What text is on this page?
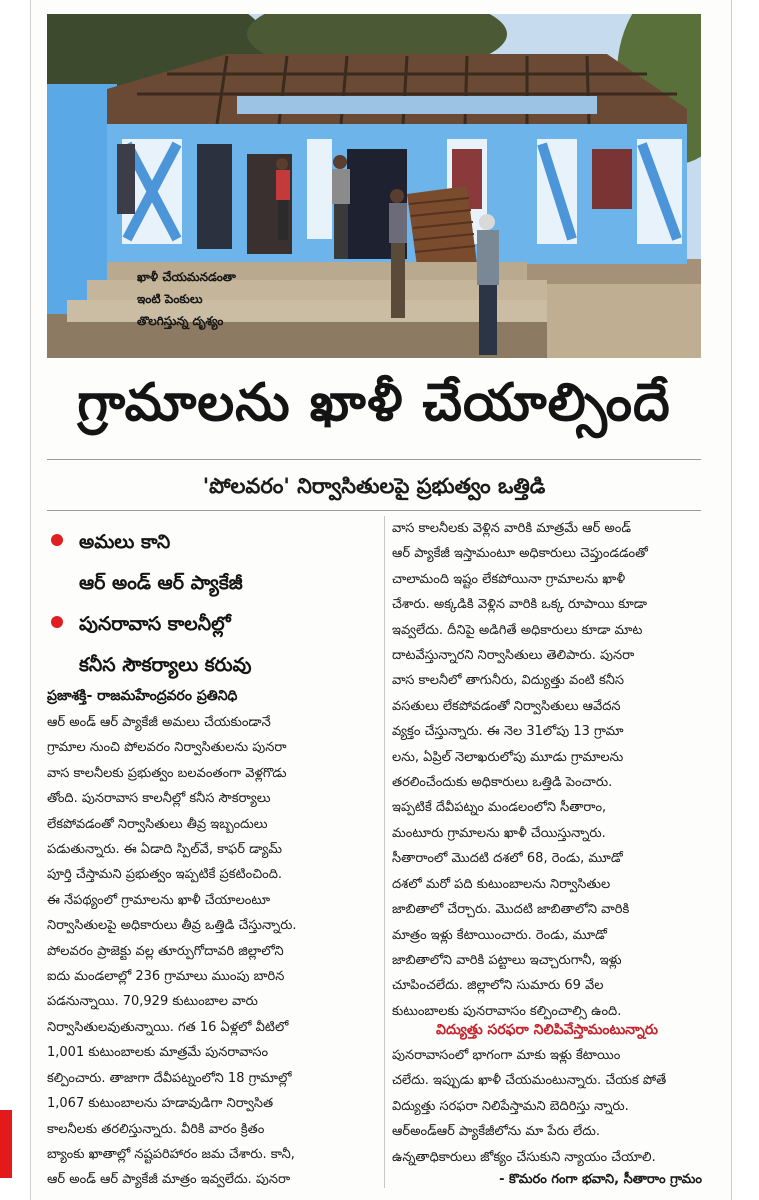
ఖాళీ చేయమనడంతా
ఇంటి పెంకులు
తొలగిస్తున్న దృశ్యం
గ్రామాలను ఖాళీ చేయాల్సిందే
'పోలవరం' నిర్వాసితులపై ప్రభుత్వం ఒత్తిడి
అమలు కాని
ఆర్ అండ్ ఆర్ ప్యాకేజీ
పునరావాస కాలనీల్లో
కనీస సౌకర్యాలు కరువు
ప్రజాశక్తి- రాజమహేంద్రవరం ప్రతినిధి
ఆర్ అండ్ ఆర్ ప్యాకేజీ అమలు చేయకుండానే
గ్రామాల నుంచి పోలవరం నిర్వాసితులను పునరా
వాస కాలనీలకు ప్రభుత్వం బలవంతంగా వెళ్లగొడు
తోంది. పునరావాస కాలనీల్లో కనీస సౌకర్యాలు
లేకపోవడంతో నిర్వాసితులు తీవ్ర ఇబ్బందులు
పడుతున్నారు. ఈ ఏడాది స్పిల్‌వే, కాఫర్ డ్యామ్
పూర్తి చేస్తామని ప్రభుత్వం ఇప్పటికే ప్రకటించింది.
ఈ నేపథ్యంలో గ్రామాలను ఖాళీ చేయాలంటూ
నిర్వాసితులపై అధికారులు తీవ్ర ఒత్తిడి చేస్తున్నారు.
పోలవరం ప్రాజెక్టు వల్ల తూర్పుగోదావరి జిల్లాలోని
ఐదు మండలాల్లో 236 గ్రామాలు ముంపు బారిన
పడనున్నాయి. 70,929 కుటుంబాల వారు
నిర్వాసితులవుతున్నాయి. గత 16 ఏళ్లలో వీటిలో
1,001 కుటుంబాలకు మాత్రమే పునరావాసం
కల్పించారు. తాజాగా దేవీపట్నంలోని 18 గ్రామాల్లో
1,067 కుటుంబాలను హడావుడిగా నిర్వాసిత
కాలనీలకు తరలిస్తున్నారు. వీరికి వారం క్రితం
బ్యాంకు ఖాతాల్లో నష్టపరిహారం జమ చేశారు. కానీ,
ఆర్ అండ్ ఆర్ ప్యాకేజీ మాత్రం ఇవ్వలేదు. పునరా
వాస కాలనీలకు వెళ్లిన వారికి మాత్రమే ఆర్ అండ్
ఆర్ ప్యాకేజీ ఇస్తామంటూ అధికారులు చెప్తుండడంతో
చాలామంది ఇష్టం లేకపోయినా గ్రామాలను ఖాళీ
చేశారు. అక్కడికి వెళ్లిన వారికి ఒక్క రూపాయి కూడా
ఇవ్వలేదు. దీనిపై అడిగితే అధికారులు కూడా మాట
దాటవేస్తున్నారని నిర్వాసితులు తెలిపారు. పునరా
వాస కాలనీలో తాగునీరు, విద్యుత్తు వంటి కనీస
వసతులు లేకపోవడంతో నిర్వాసితులు ఆవేదన
వ్యక్తం చేస్తున్నారు. ఈ నెల 31లోపు 13 గ్రామా
లను, ఏప్రిల్ నెలాఖరులోపు మూడు గ్రామాలను
తరలించేందుకు అధికారులు ఒత్తిడి పెంచారు.
ఇప్పటికే దేవీపట్నం మండలంలోని సీతారాం,
మంటూరు గ్రామాలను ఖాళీ చేయిస్తున్నారు.
సీతారాంలో మొదటి దశలో 68, రెండు, మూడో
దశలో మరో పది కుటుంబాలను నిర్వాసితుల
జాబితాలో చేర్చారు. మొదటి జాబితాలోని వారికి
మాత్రం ఇళ్లు కేటాయించారు. రెండు, మూడో
జాబితాలోని వారికి పట్టాలు ఇచ్చారుగానీ, ఇళ్లు
చూపించలేదు. జిల్లాలోని సుమారు 69 వేల
కుటుంబాలకు పునరావాసం కల్పించాల్సి ఉంది.
విద్యుత్తు సరఫరా నిలిపివేస్తామంటున్నారు
పునరావాసంలో భాగంగా మాకు ఇళ్లు కేటాయిం
చలేదు. ఇప్పుడు ఖాళీ చేయమంటున్నారు. చేయక పోతే
విద్యుత్తు సరఫరా నిలిపేస్తామని బెదిరిస్తు న్నారు.
ఆర్‌అండ్ఆర్ ప్యాకేజీలోను మా పేరు లేదు.
ఉన్నతాధికారులు జోక్యం చేసుకుని న్యాయం చేయాలి.
- కొమరం గంగా భవాని, సీతారాం గ్రామం
